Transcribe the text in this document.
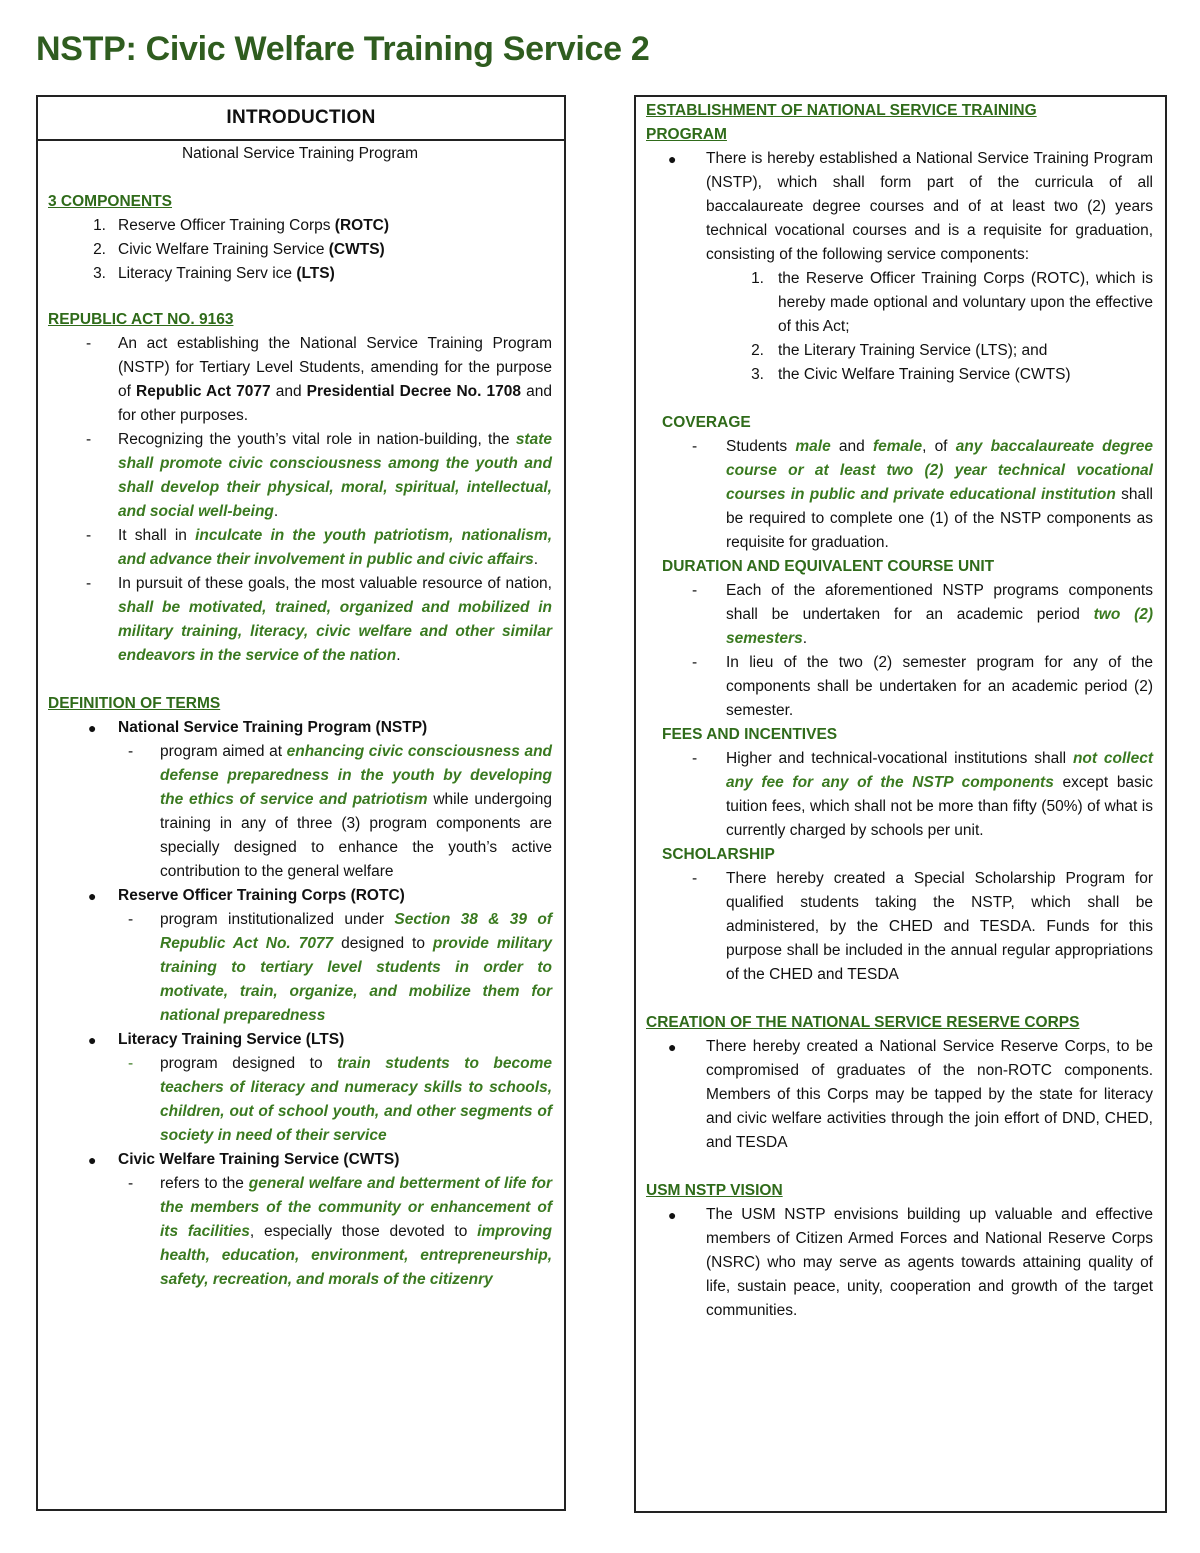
NSTP: Civic Welfare Training Service 2
INTRODUCTION
National Service Training Program
3 COMPONENTS
1. Reserve Officer Training Corps (ROTC)
2. Civic Welfare Training Service (CWTS)
3. Literacy Training Serv ice (LTS)
REPUBLIC ACT NO. 9163
-	An act establishing the National Service Training Program (NSTP) for Tertiary Level Students, amending for the purpose of Republic Act 7077 and Presidential Decree No. 1708 and for other purposes.
-	Recognizing the youth’s vital role in nation-building, the state shall promote civic consciousness among the youth and shall develop their physical, moral, spiritual, intellectual, and social well-being.
-	It shall in inculcate in the youth patriotism, nationalism, and advance their involvement in public and civic affairs.
-	In pursuit of these goals, the most valuable resource of nation, shall be motivated, trained, organized and mobilized in military training, literacy, civic welfare and other similar endeavors in the service of the nation.
DEFINITION OF TERMS
●	National Service Training Program (NSTP)
-	program aimed at enhancing civic consciousness and defense preparedness in the youth by developing the ethics of service and patriotism while undergoing training in any of three (3) program components are specially designed to enhance the youth’s active contribution to the general welfare
●	Reserve Officer Training Corps (ROTC)
-	program institutionalized under Section 38 & 39 of Republic Act No. 7077 designed to provide military training to tertiary level students in order to motivate, train, organize, and mobilize them for national preparedness
●	Literacy Training Service (LTS)
-	program designed to train students to become teachers of literacy and numeracy skills to schools, children, out of school youth, and other segments of society in need of their service
●	Civic Welfare Training Service (CWTS)
-	refers to the general welfare and betterment of life for the members of the community or enhancement of its facilities, especially those devoted to improving health, education, environment, entrepreneurship, safety, recreation, and morals of the citizenry
ESTABLISHMENT OF NATIONAL SERVICE TRAINING PROGRAM
●	There is hereby established a National Service Training Program (NSTP), which shall form part of the curricula of all baccalaureate degree courses and of at least two (2) years technical vocational courses and is a requisite for graduation, consisting of the following service components:
1. the Reserve Officer Training Corps (ROTC), which is hereby made optional and voluntary upon the effective of this Act;
2. the Literary Training Service (LTS); and
3. the Civic Welfare Training Service (CWTS)
COVERAGE
-	Students male and female, of any baccalaureate degree course or at least two (2) year technical vocational courses in public and private educational institution shall be required to complete one (1) of the NSTP components as requisite for graduation.
DURATION AND EQUIVALENT COURSE UNIT
-	Each of the aforementioned NSTP programs components shall be undertaken for an academic period two (2) semesters.
-	In lieu of the two (2) semester program for any of the components shall be undertaken for an academic period (2) semester.
FEES AND INCENTIVES
-	Higher and technical-vocational institutions shall not collect any fee for any of the NSTP components except basic tuition fees, which shall not be more than fifty (50%) of what is currently charged by schools per unit.
SCHOLARSHIP
-	There hereby created a Special Scholarship Program for qualified students taking the NSTP, which shall be administered, by the CHED and TESDA. Funds for this purpose shall be included in the annual regular appropriations of the CHED and TESDA
CREATION OF THE NATIONAL SERVICE RESERVE CORPS
●	There hereby created a National Service Reserve Corps, to be compromised of graduates of the non-ROTC components. Members of this Corps may be tapped by the state for literacy and civic welfare activities through the join effort of DND, CHED, and TESDA
USM NSTP VISION
●	The USM NSTP envisions building up valuable and effective members of Citizen Armed Forces and National Reserve Corps (NSRC) who may serve as agents towards attaining quality of life, sustain peace, unity, cooperation and growth of the target communities.
